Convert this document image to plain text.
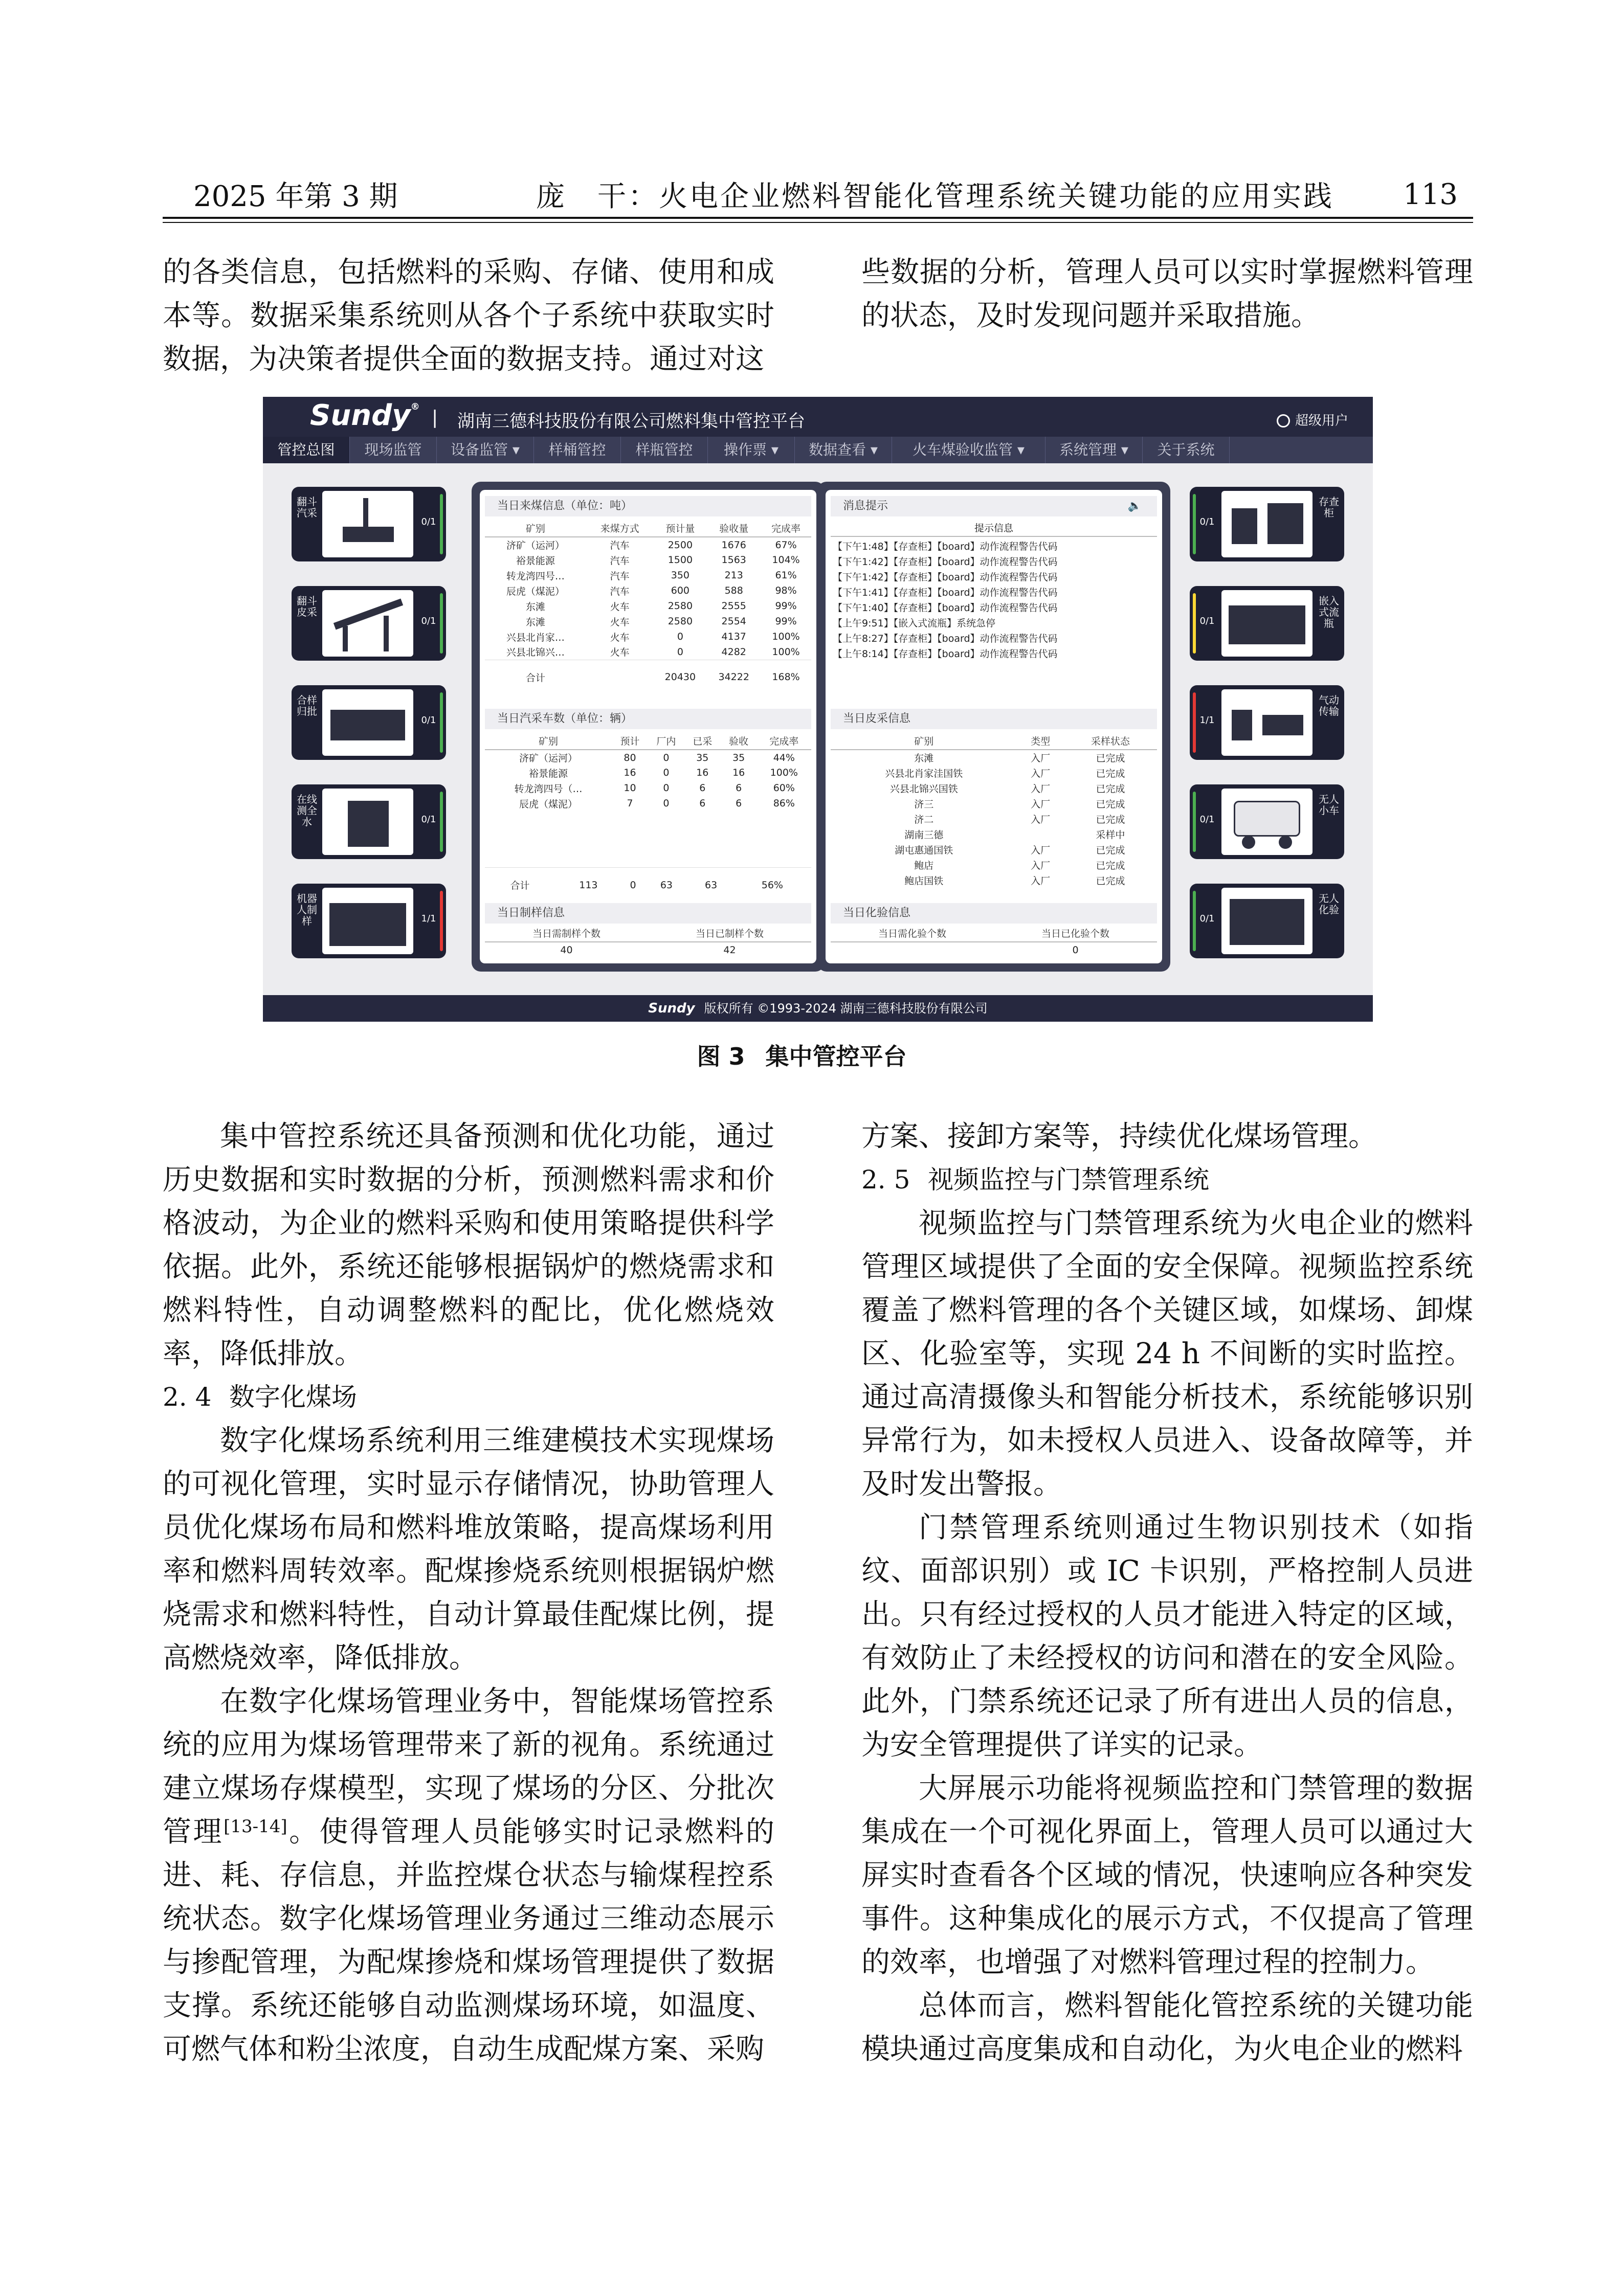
2025 年第 3 期	庞　干：火电企业燃料智能化管理系统关键功能的应用实践 113

的各类信息，包括燃料的采购、存储、使用和成本等。数据采集系统则从各个子系统中获取实时数据，为决策者提供全面的数据支持。通过对这

些数据的分析，管理人员可以实时掌握燃料管理的状态，及时发现问题并采取措施。

Sundy®
| 湖南三德科技股份有限公司燃料集中管控平台	超级用户
管控总图	现场监管	设备监管 ▾	样桶管控	样瓶管控	操作票 ▾	数据查看 ▾	火车煤验收监管 ▾	系统管理 ▾	关于系统
翻斗汽采
0/1
翻斗皮采
0/1
合样归批
0/1
在线测全水	0/1
机器人制样	1/1
当日来煤信息（单位：吨）
矿别	来煤方式	预计量	验收量	完成率
济矿（运河）	汽车	2500	1676	67%
裕景能源	汽车	1500	1563	104%
转龙湾四号…	汽车	350	213	61%
辰虎（煤泥）	汽车	600	588	98%
东滩	火车	2580	2555	99%
东滩	火车	2580	2554	99%
兴县北肖家…	火车	0	4137	100%
兴县北锦兴…	火车	0	4282	100%
合计		20430	34222	168%
当日汽采车数（单位：辆）
矿别	预计	厂内	已采	验收	完成率
济矿（运河）	80	0	35	35	44%
裕景能源	16	0	16	16	100%
转龙湾四号（…	10	0	6	6	60%
辰虎（煤泥）	7	0	6	6	86%
合计	113	0	63	63	56%
当日制样信息
当日需制样个数	当日已制样个数
40	42
消息提示	🔈
提示信息
【下午1:48】【存查柜】【board】动作流程警告代码
【下午1:42】【存查柜】【board】动作流程警告代码
【下午1:42】【存查柜】【board】动作流程警告代码
【下午1:41】【存查柜】【board】动作流程警告代码
【下午1:40】【存查柜】【board】动作流程警告代码
【上午9:51】【嵌入式流瓶】系统急停
【上午8:27】【存查柜】【board】动作流程警告代码
【上午8:14】【存查柜】【board】动作流程警告代码
当日皮采信息
矿别	类型	采样状态
东滩	入厂	已完成
兴县北肖家洼国铁	入厂	已完成
兴县北锦兴国铁	入厂	已完成
济三	入厂	已完成
济二	入厂	已完成
湖南三德		采样中
湖屯惠通国铁	入厂	已完成
鲍店	入厂	已完成
鲍店国铁	入厂	已完成
当日化验信息
当日需化验个数	当日已化验个数
	0
0/1
存查柜
0/1
嵌入式流瓶
1/1
气动传输
0/1
无人小车
0/1
无人化验
Sundy 版权所有 ©1993-2024 湖南三德科技股份有限公司
图 3 集中管控平台

集中管控系统还具备预测和优化功能，通过历史数据和实时数据的分析，预测燃料需求和价格波动，为企业的燃料采购和使用策略提供科学依据。此外，系统还能够根据锅炉的燃烧需求和燃料特性，自动调整燃料的配比，优化燃烧效率，降低排放。

2. 4 数字化煤场

数字化煤场系统利用三维建模技术实现煤场的可视化管理，实时显示存储情况，协助管理人员优化煤场布局和燃料堆放策略，提高煤场利用率和燃料周转效率。配煤掺烧系统则根据锅炉燃烧需求和燃料特性，自动计算最佳配煤比例，提高燃烧效率，降低排放。

在数字化煤场管理业务中，智能煤场管控系统的应用为煤场管理带来了新的视角。系统通过建立煤场存煤模型，实现了煤场的分区、分批次管理[13-14]。使得管理人员能够实时记录燃料的进、耗、存信息，并监控煤仓状态与输煤程控系统状态。数字化煤场管理业务通过三维动态展示与掺配管理，为配煤掺烧和煤场管理提供了数据支撑。系统还能够自动监测煤场环境，如温度、可燃气体和粉尘浓度，自动生成配煤方案、采购

方案、接卸方案等，持续优化煤场管理。

2. 5 视频监控与门禁管理系统

视频监控与门禁管理系统为火电企业的燃料管理区域提供了全面的安全保障。视频监控系统覆盖了燃料管理的各个关键区域，如煤场、卸煤区、化验室等，实现 24 h 不间断的实时监控。通过高清摄像头和智能分析技术，系统能够识别异常行为，如未授权人员进入、设备故障等，并及时发出警报。

门禁管理系统则通过生物识别技术（如指纹、面部识别）或 IC 卡识别，严格控制人员进出。只有经过授权的人员才能进入特定的区域，有效防止了未经授权的访问和潜在的安全风险。此外，门禁系统还记录了所有进出人员的信息，为安全管理提供了详实的记录。

大屏展示功能将视频监控和门禁管理的数据集成在一个可视化界面上，管理人员可以通过大屏实时查看各个区域的情况，快速响应各种突发事件。这种集成化的展示方式，不仅提高了管理的效率，也增强了对燃料管理过程的控制力。

总体而言，燃料智能化管控系统的关键功能模块通过高度集成和自动化，为火电企业的燃料
